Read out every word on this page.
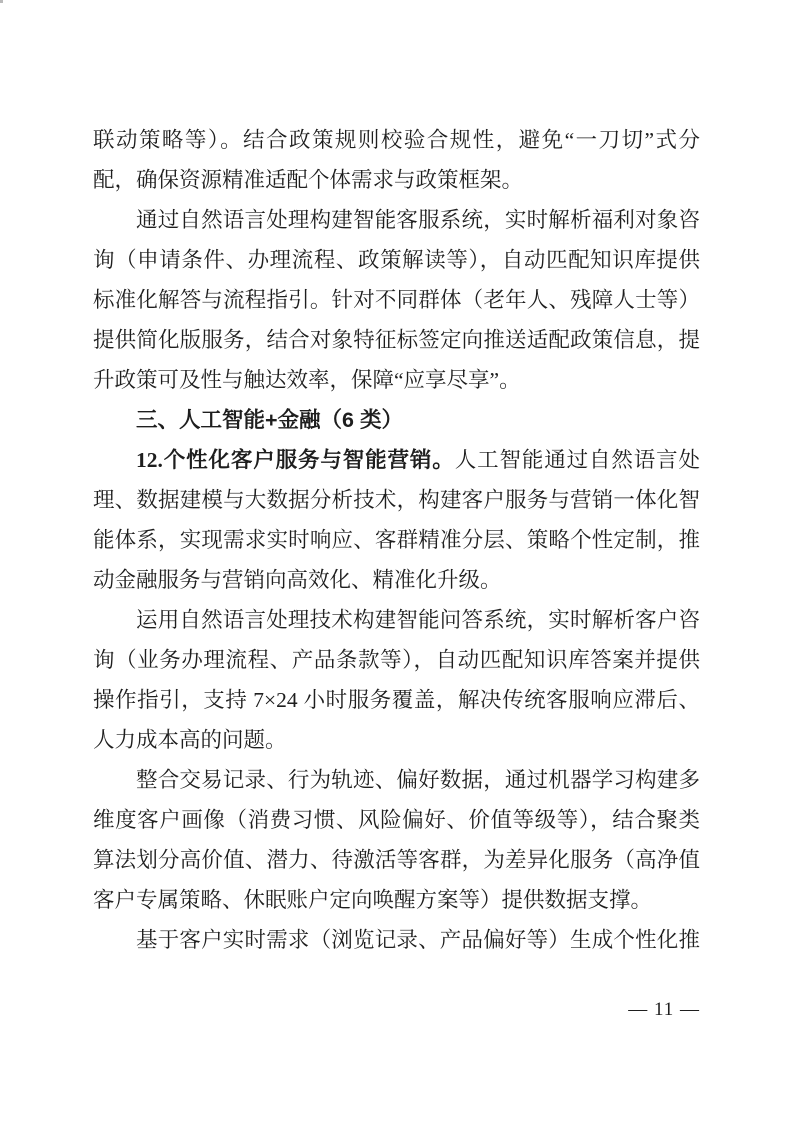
联动策略等）。结合政策规则校验合规性，避免“一刀切”式分
配，确保资源精准适配个体需求与政策框架。
通过自然语言处理构建智能客服系统，实时解析福利对象咨
询（申请条件、办理流程、政策解读等），自动匹配知识库提供
标准化解答与流程指引。针对不同群体（老年人、残障人士等）
提供简化版服务，结合对象特征标签定向推送适配政策信息，提
升政策可及性与触达效率，保障“应享尽享”。
三、人工智能+金融（6 类）
12.个性化客户服务与智能营销。人工智能通过自然语言处
理、数据建模与大数据分析技术，构建客户服务与营销一体化智
能体系，实现需求实时响应、客群精准分层、策略个性定制，推
动金融服务与营销向高效化、精准化升级。
运用自然语言处理技术构建智能问答系统，实时解析客户咨
询（业务办理流程、产品条款等），自动匹配知识库答案并提供
操作指引，支持 7×24 小时服务覆盖，解决传统客服响应滞后、
人力成本高的问题。
整合交易记录、行为轨迹、偏好数据，通过机器学习构建多
维度客户画像（消费习惯、风险偏好、价值等级等），结合聚类
算法划分高价值、潜力、待激活等客群，为差异化服务（高净值
客户专属策略、休眠账户定向唤醒方案等）提供数据支撑。
基于客户实时需求（浏览记录、产品偏好等）生成个性化推
— 11 —
